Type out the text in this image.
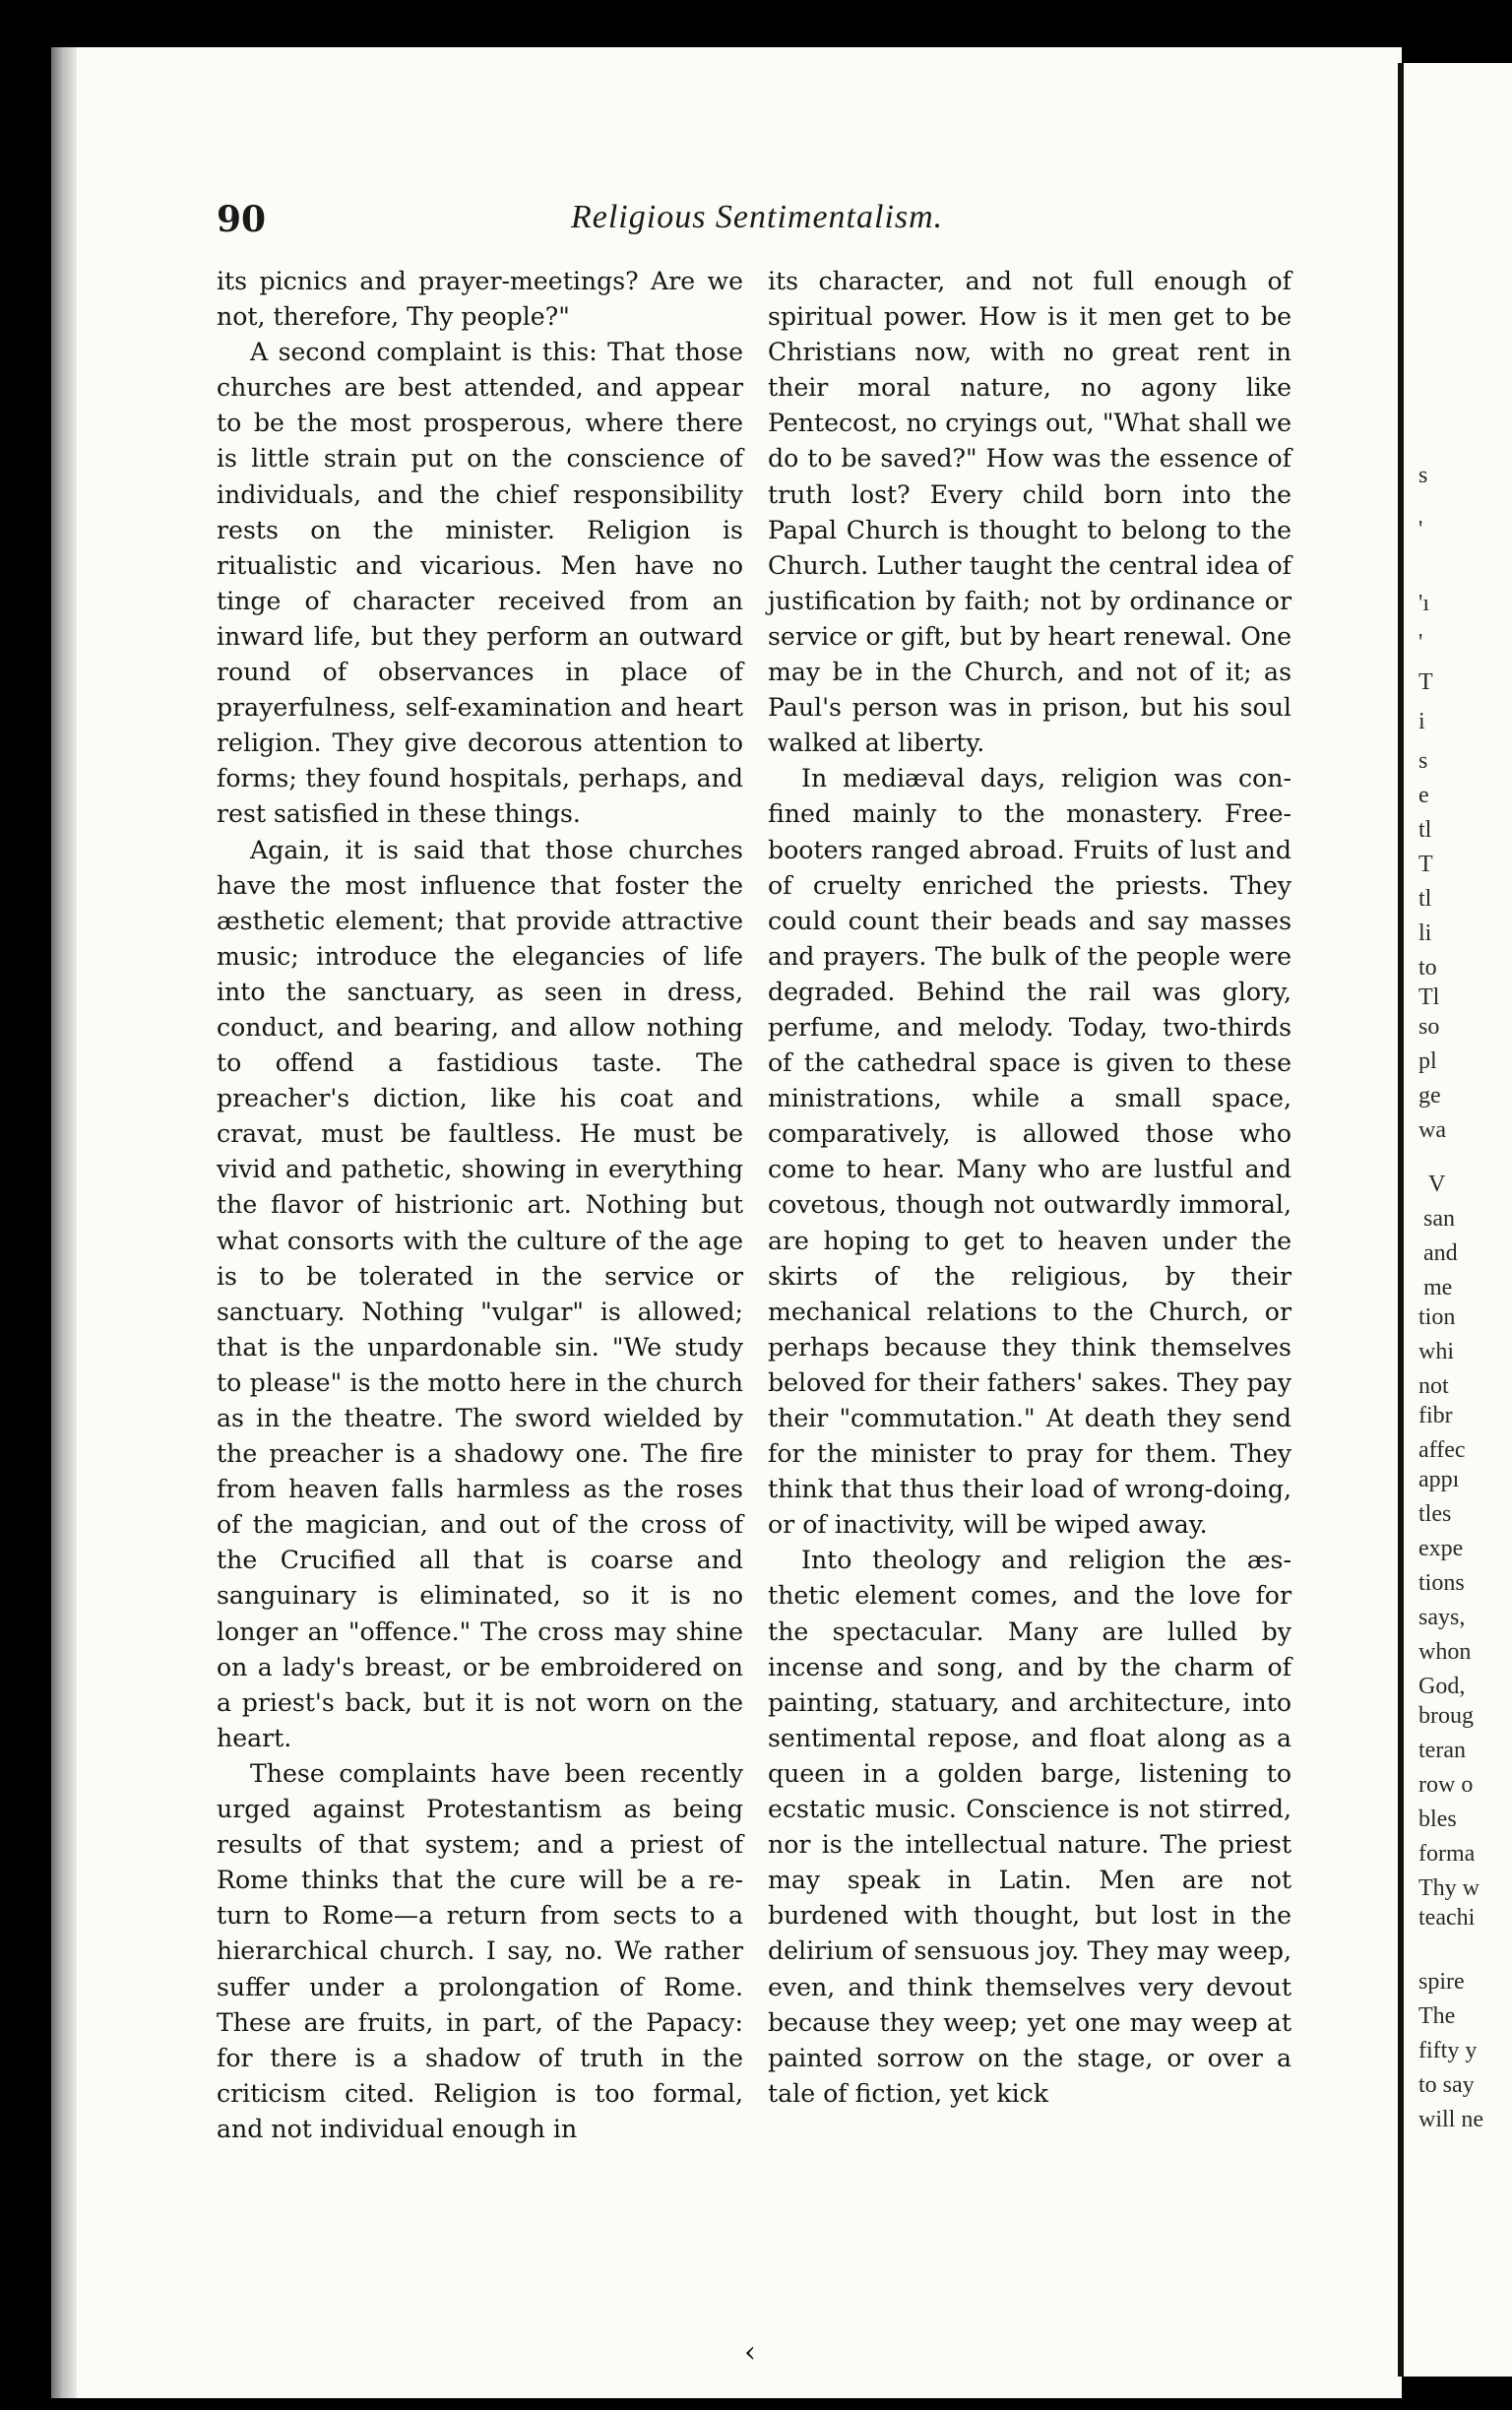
90	Religious Sentimentalism.

its picnics and prayer-meetings? Are we not, therefore, Thy people?"

A second complaint is this: That those churches are best attended, and appear to be the most prosperous, where there is little strain put on the conscience of individuals, and the chief responsibility rests on the minister. Religion is ritualistic and vicarious. Men have no tinge of character received from an inward life, but they perform an outward round of observances in place of prayerfulness, self-examination and heart religion. They give decorous attention to forms; they found hospitals, perhaps, and rest satisfied in these things.

Again, it is said that those churches have the most influence that foster the æsthetic element; that provide attractive music; introduce the elegancies of life into the sanctuary, as seen in dress, conduct, and bearing, and allow nothing to offend a fastidious taste. The preacher's diction, like his coat and cravat, must be faultless. He must be vivid and pathetic, showing in everything the flavor of histrionic art. Nothing but what consorts with the culture of the age is to be tolerated in the service or sanctuary. Nothing "vulgar" is allowed; that is the unpardonable sin. "We study to please" is the motto here in the church as in the theatre. The sword wielded by the preacher is a shadowy one. The fire from heaven falls harmless as the roses of the magician, and out of the cross of the Crucified all that is coarse and sanguinary is eliminated, so it is no longer an "offence." The cross may shine on a lady's breast, or be embroidered on a priest's back, but it is not worn on the heart.

These complaints have been recently urged against Protestantism as being results of that system; and a priest of Rome thinks that the cure will be a return to Rome—a return from sects to a hierarchical church. I say, no. We rather suffer under a prolongation of Rome. These are fruits, in part, of the Papacy: for there is a shadow of truth in the criticism cited. Religion is too formal, and not individual enough in

its character, and not full enough of spiritual power. How is it men get to be Christians now, with no great rent in their moral nature, no agony like Pentecost, no cryings out, "What shall we do to be saved?" How was the essence of truth lost? Every child born into the Papal Church is thought to belong to the Church. Luther taught the central idea of justification by faith; not by ordinance or service or gift, but by heart renewal. One may be in the Church, and not of it; as Paul's person was in prison, but his soul walked at liberty.

In mediæval days, religion was confined mainly to the monastery. Freebooters ranged abroad. Fruits of lust and of cruelty enriched the priests. They could count their beads and say masses and prayers. The bulk of the people were degraded. Behind the rail was glory, perfume, and melody. Today, two-thirds of the cathedral space is given to these ministrations, while a small space, comparatively, is allowed those who come to hear. Many who are lustful and covetous, though not outwardly immoral, are hoping to get to heaven under the skirts of the religious, by their mechanical relations to the Church, or perhaps because they think themselves beloved for their fathers' sakes. They pay their "commutation." At death they send for the minister to pray for them. They think that thus their load of wrong-doing, or of inactivity, will be wiped away.

Into theology and religion the æsthetic element comes, and the love for the spectacular. Many are lulled by incense and song, and by the charm of painting, statuary, and architecture, into sentimental repose, and float along as a queen in a golden barge, listening to ecstatic music. Conscience is not stirred, nor is the intellectual nature. The priest may speak in Latin. Men are not burdened with thought, but lost in the delirium of sensuous joy. They may weep, even, and think themselves very devout because they weep; yet one may weep at painted sorrow on the stage, or over a tale of fiction, yet kick

s
'
'ı
'
T
i
s
e
tl
T
tl
li
to
Tl
so
pl
ge
wa
V
san
and
me
tion
whi
not
fibr
affec
appı
tles
expe
tions
says,
whon
God,
broug
teran
row o
bles
forma
Thy w
teachi
spire
The
fifty y
to say
will ne
‹
